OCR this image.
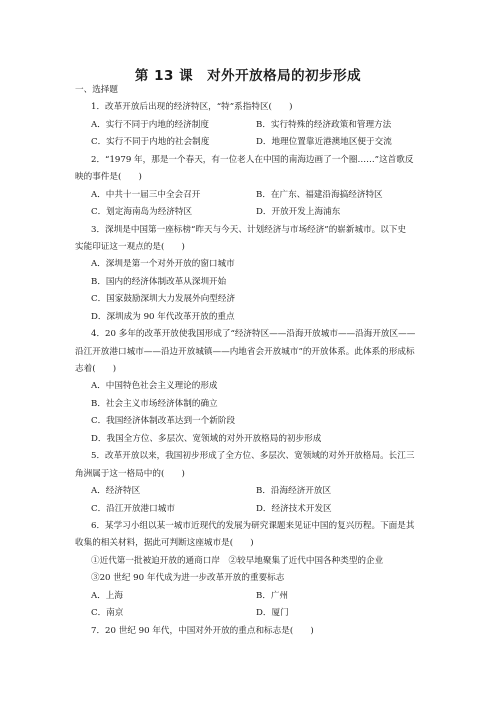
第 13 课　对外开放格局的初步形成
一、选择题
1．改革开放后出现的经济特区，“特”系指特区(　　)
A．实行不同于内地的经济制度	B．实行特殊的经济政策和管理方法
C．实行不同于内地的社会制度	D．地理位置靠近港澳地区便于交流
2．“1979 年，那是一个春天，有一位老人在中国的南海边画了一个圈……”这首歌反
映的事件是(　　)
A．中共十一届三中全会召开	B．在广东、福建沿海搞经济特区
C．划定海南岛为经济特区	D．开放开发上海浦东
3．深圳是中国第一座标榜“昨天与今天、计划经济与市场经济”的崭新城市。以下史
实能印证这一观点的是(　　)
A．深圳是第一个对外开放的窗口城市
B．国内的经济体制改革从深圳开始
C．国家鼓励深圳大力发展外向型经济
D．深圳成为 90 年代改革开放的重点
4．20 多年的改革开放使我国形成了“经济特区——沿海开放城市——沿海开放区——
沿江开放港口城市——沿边开放城镇——内地省会开放城市”的开放体系。此体系的形成标
志着(　　)
A．中国特色社会主义理论的形成
B．社会主义市场经济体制的确立
C．我国经济体制改革达到一个新阶段
D．我国全方位、多层次、宽领域的对外开放格局的初步形成
5．改革开放以来，我国初步形成了全方位、多层次、宽领域的对外开放格局。长江三
角洲属于这一格局中的(　　)
A．经济特区	B．沿海经济开放区
C．沿江开放港口城市	D．经济技术开发区
6．某学习小组以某一城市近现代的发展为研究课题来见证中国的复兴历程。下面是其
收集的相关材料，据此可判断这座城市是(　　)
①近代第一批被迫开放的通商口岸　②较早地聚集了近代中国各种类型的企业
③20 世纪 90 年代成为进一步改革开放的重要标志
A．上海	B．广州
C．南京	D．厦门
7．20 世纪 90 年代，中国对外开放的重点和标志是(　　)
